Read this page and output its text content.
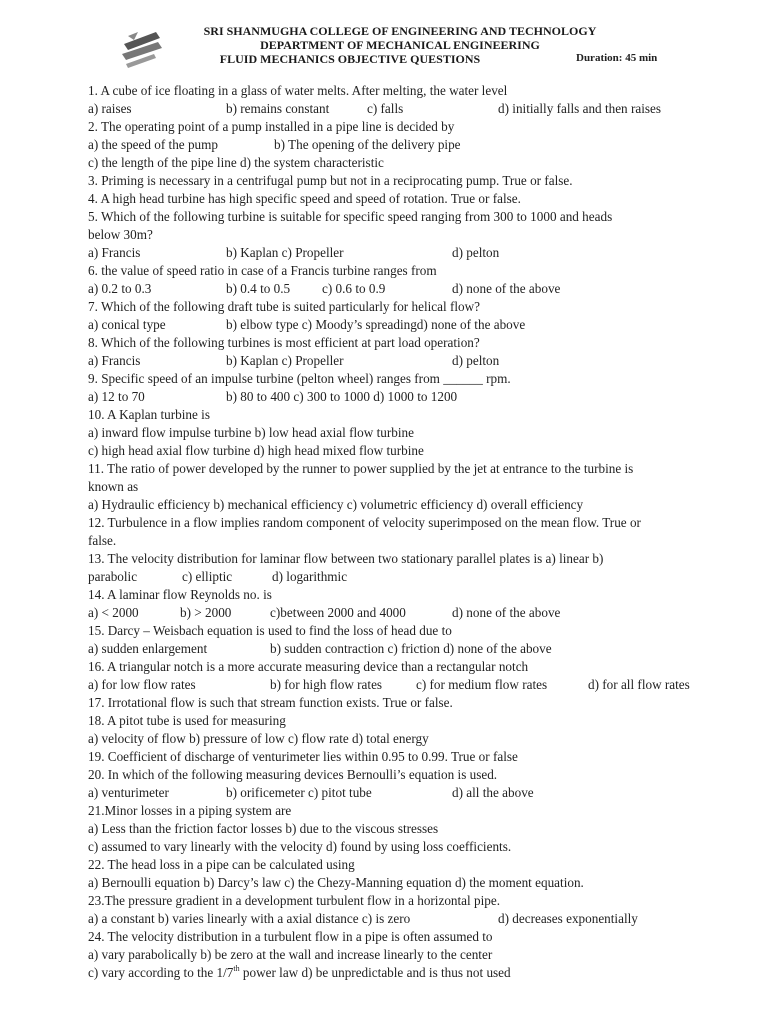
SRI SHANMUGHA COLLEGE OF ENGINEERING AND TECHNOLOGY
DEPARTMENT OF MECHANICAL ENGINEERING
FLUID MECHANICS OBJECTIVE QUESTIONS	Duration: 45 min
1. A cube of ice floating in a glass of water melts. After melting, the water level
a) raises	b) remains constant	c) falls	d) initially falls and then raises
2. The operating point of a pump installed in a pipe line is decided by
a) the speed of the pump	b) The opening of the delivery pipe
c) the length of the pipe line d) the system characteristic
3. Priming is necessary in a centrifugal pump but not in a reciprocating pump. True or false.
4. A high head turbine has high specific speed and speed of rotation. True or false.
5. Which of the following turbine is suitable for specific speed ranging from 300 to 1000 and heads
below 30m?
a) Francis	b) Kaplan c) Propeller	d) pelton
6. the value of speed ratio in case of a Francis turbine ranges from
a) 0.2 to 0.3	b) 0.4 to 0.5 c) 0.6 to 0.9	d) none of the above
7. Which of the following draft tube is suited particularly for helical flow?
a) conical type	b) elbow type c) Moody’s spreadingd) none of the above
8. Which of the following turbines is most efficient at part load operation?
a) Francis	b) Kaplan c) Propeller	d) pelton
9. Specific speed of an impulse turbine (pelton wheel) ranges from ______ rpm.
a) 12 to 70	b) 80 to 400 c) 300 to 1000 d) 1000 to 1200
10. A Kaplan turbine is
a) inward flow impulse turbine b) low head axial flow turbine
c) high head axial flow turbine d) high head mixed flow turbine
11. The ratio of power developed by the runner to power supplied by the jet at entrance to the turbine is
known as
a) Hydraulic efficiency b) mechanical efficiency c) volumetric efficiency d) overall efficiency
12. Turbulence in a flow implies random component of velocity superimposed on the mean flow. True or
false.
13. The velocity distribution for laminar flow between two stationary parallel plates is a) linear b)
parabolic	c) elliptic	d) logarithmic
14. A laminar flow Reynolds no. is
a) < 2000	b) > 2000	c)between 2000 and 4000	d) none of the above
15. Darcy – Weisbach equation is used to find the loss of head due to
a) sudden enlargement	b) sudden contraction c) friction d) none of the above
16. A triangular notch is a more accurate measuring device than a rectangular notch
a) for low flow rates	b) for high flow rates	c) for medium flow rates	d) for all flow rates
17. Irrotational flow is such that stream function exists. True or false.
18. A pitot tube is used for measuring
a) velocity of flow b) pressure of low c) flow rate d) total energy
19. Coefficient of discharge of venturimeter lies within 0.95 to 0.99. True or false
20. In which of the following measuring devices Bernoulli’s equation is used.
a) venturimeter	b) orificemeter c) pitot tube	d) all the above
21.Minor losses in a piping system are
a) Less than the friction factor losses b) due to the viscous stresses
c) assumed to vary linearly with the velocity d) found by using loss coefficients.
22. The head loss in a pipe can be calculated using
a) Bernoulli equation b) Darcy’s law c) the Chezy-Manning equation d) the moment equation.
23.The pressure gradient in a development turbulent flow in a horizontal pipe.
a) a constant b) varies linearly with a axial distance c) is zero	d) decreases exponentially
24. The velocity distribution in a turbulent flow in a pipe is often assumed to
a) vary parabolically b) be zero at the wall and increase linearly to the center
c) vary according to the 1/7th power law d) be unpredictable and is thus not used
